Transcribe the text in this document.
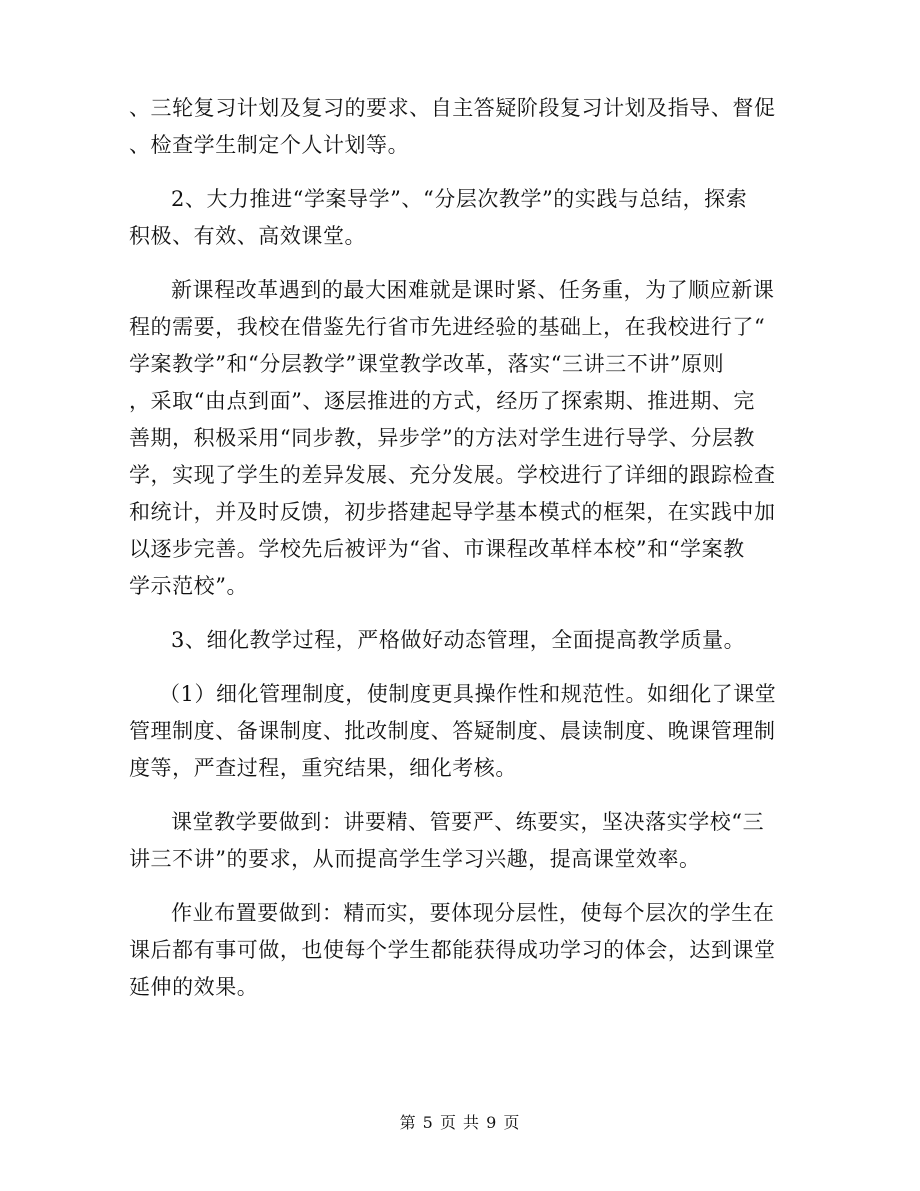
、三轮复习计划及复习的要求、自主答疑阶段复习计划及指导、督促
、检查学生制定个人计划等。
2、大力推进“学案导学”、“分层次教学”的实践与总结，探索
积极、有效、高效课堂。
新课程改革遇到的最大困难就是课时紧、任务重，为了顺应新课
程的需要，我校在借鉴先行省市先进经验的基础上，在我校进行了“
学案教学”和“分层教学”课堂教学改革，落实“三讲三不讲”原则
，采取“由点到面”、逐层推进的方式，经历了探索期、推进期、完
善期，积极采用“同步教，异步学”的方法对学生进行导学、分层教
学，实现了学生的差异发展、充分发展。学校进行了详细的跟踪检查
和统计，并及时反馈，初步搭建起导学基本模式的框架，在实践中加
以逐步完善。学校先后被评为“省、市课程改革样本校”和“学案教
学示范校”。
3、细化教学过程，严格做好动态管理，全面提高教学质量。
（1）细化管理制度，使制度更具操作性和规范性。如细化了课堂
管理制度、备课制度、批改制度、答疑制度、晨读制度、晚课管理制
度等，严查过程，重究结果，细化考核。
课堂教学要做到：讲要精、管要严、练要实，坚决落实学校“三
讲三不讲”的要求，从而提高学生学习兴趣，提高课堂效率。
作业布置要做到：精而实，要体现分层性，使每个层次的学生在
课后都有事可做，也使每个学生都能获得成功学习的体会，达到课堂
延伸的效果。
第 5 页 共 9 页
